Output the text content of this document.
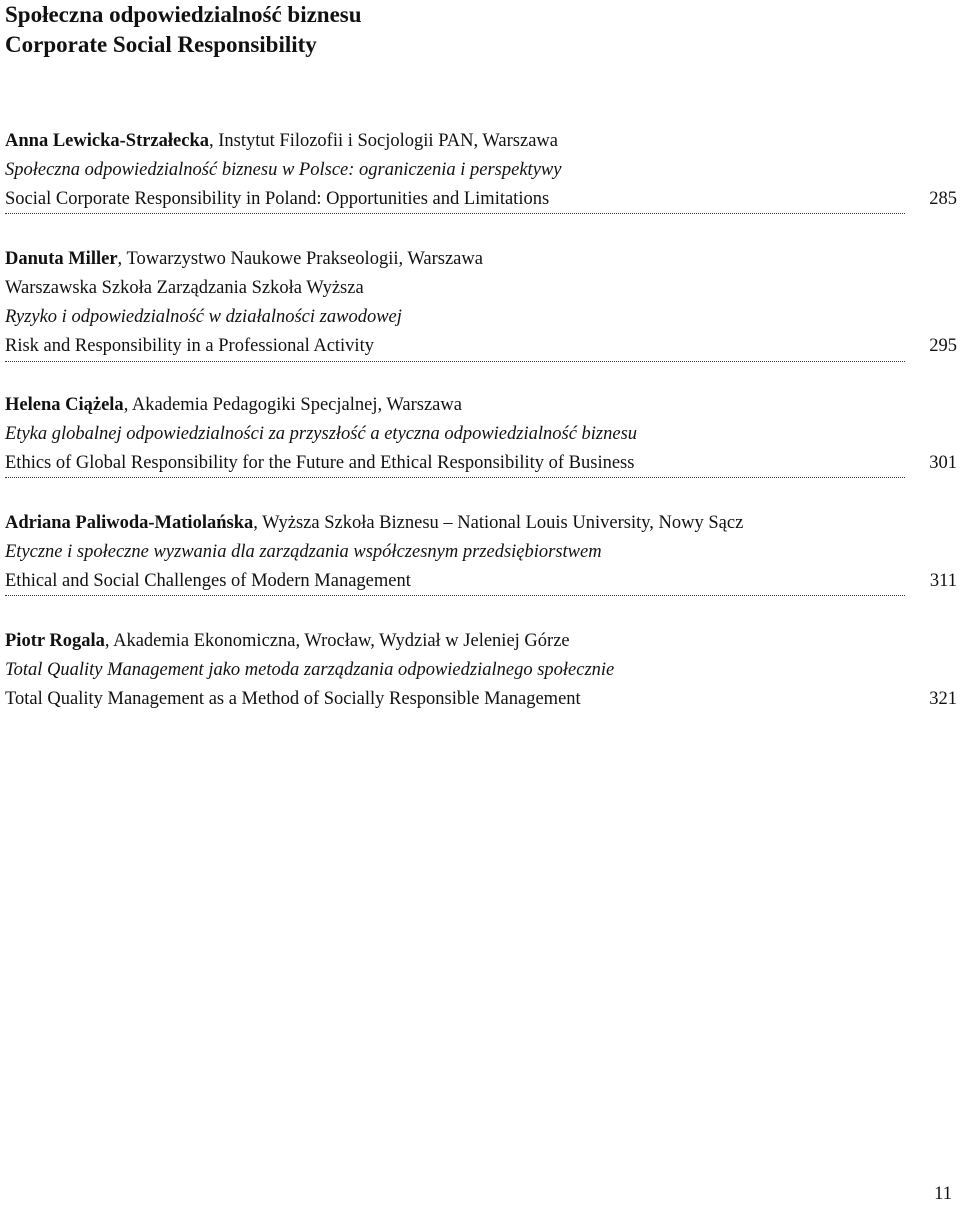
Społeczna odpowiedzialność biznesu
Corporate Social Responsibility
Anna Lewicka-Strzałecka, Instytut Filozofii i Socjologii PAN, Warszawa
Społeczna odpowiedzialność biznesu w Polsce: ograniczenia i perspektywy
Social Corporate Responsibility in Poland: Opportunities and Limitations	285
Danuta Miller, Towarzystwo Naukowe Prakseologii, Warszawa
Warszawska Szkoła Zarządzania Szkoła Wyższa
Ryzyko i odpowiedzialność w działalności zawodowej
Risk and Responsibility in a Professional Activity	295
Helena Ciążela, Akademia Pedagogiki Specjalnej, Warszawa
Etyka globalnej odpowiedzialności za przyszłość a etyczna odpowiedzialność biznesu
Ethics of Global Responsibility for the Future and Ethical Responsibility of Business	301
Adriana Paliwoda-Matiolańska, Wyższa Szkoła Biznesu – National Louis University, Nowy Sącz
Etyczne i społeczne wyzwania dla zarządzania współczesnym przedsiębiorstwem
Ethical and Social Challenges of Modern Management	311
Piotr Rogala, Akademia Ekonomiczna, Wrocław, Wydział w Jeleniej Górze
Total Quality Management jako metoda zarządzania odpowiedzialnego społecznie
Total Quality Management as a Method of Socially Responsible Management	321
11
